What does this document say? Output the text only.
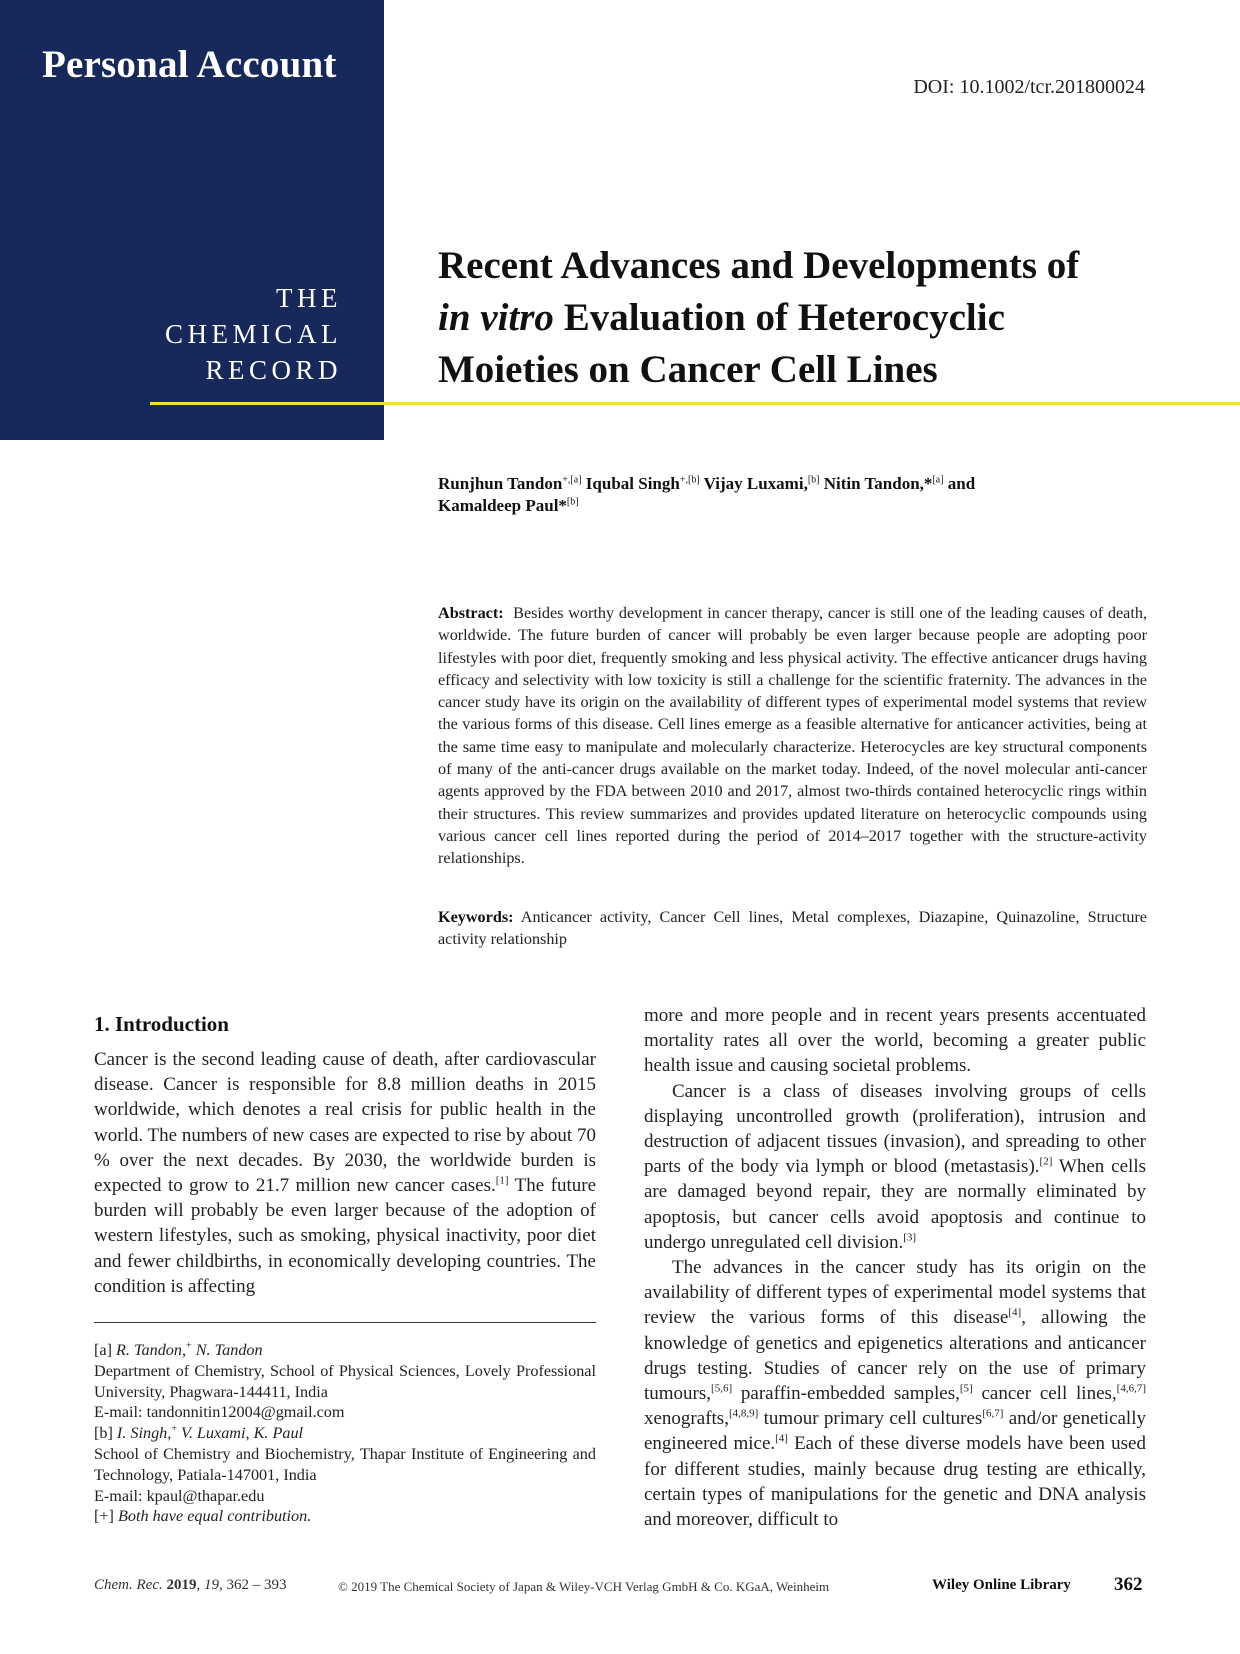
Personal Account
THE
CHEMICAL
RECORD
DOI: 10.1002/tcr.201800024
Recent Advances and Developments of
in vitro Evaluation of Heterocyclic
Moieties on Cancer Cell Lines
Runjhun Tandon$^{+,[a]}$ Iqubal Singh$^{+,[b]}$ Vijay Luxami,[b] Nitin Tandon,*[a] and
Kamaldeep Paul*[b]
Abstract: Besides worthy development in cancer therapy, cancer is still one of the leading causes of death, worldwide. The future burden of cancer will probably be even larger because people are adopting poor lifestyles with poor diet, frequently smoking and less physical activity. The effective anticancer drugs having efficacy and selectivity with low toxicity is still a challenge for the scientific fraternity. The advances in the cancer study have its origin on the availability of different types of experimental model systems that review the various forms of this disease. Cell lines emerge as a feasible alternative for anticancer activities, being at the same time easy to manipulate and molecularly characterize. Heterocycles are key structural components of many of the anti-cancer drugs available on the market today. Indeed, of the novel molecular anti-cancer agents approved by the FDA between 2010 and 2017, almost two-thirds contained heterocyclic rings within their structures. This review summarizes and provides updated literature on heterocyclic compounds using various cancer cell lines reported during the period of 2014–2017 together with the structure-activity relationships.
Keywords: Anticancer activity, Cancer Cell lines, Metal complexes, Diazapine, Quinazoline, Structure activity relationship
1. Introduction

Cancer is the second leading cause of death, after cardiovascular disease. Cancer is responsible for 8.8 million deaths in 2015 worldwide, which denotes a real crisis for public health in the world. The numbers of new cases are expected to rise by about 70 % over the next decades. By 2030, the worldwide burden is expected to grow to 21.7 million new cancer cases.[1] The future burden will probably be even larger because of the adoption of western lifestyles, such as smoking, physical inactivity, poor diet and fewer childbirths, in economically developing countries. The condition is affecting

more and more people and in recent years presents accentuated mortality rates all over the world, becoming a greater public health issue and causing societal problems.

Cancer is a class of diseases involving groups of cells displaying uncontrolled growth (proliferation), intrusion and destruction of adjacent tissues (invasion), and spreading to other parts of the body via lymph or blood (metastasis).[2] When cells are damaged beyond repair, they are normally eliminated by apoptosis, but cancer cells avoid apoptosis and continue to undergo unregulated cell division.[3]

The advances in the cancer study has its origin on the availability of different types of experimental model systems that review the various forms of this disease[4], allowing the knowledge of genetics and epigenetics alterations and anticancer drugs testing. Studies of cancer rely on the use of primary tumours,[5,6] paraffin-embedded samples,[5] cancer cell lines,[4,6,7] xenografts,[4,8,9] tumour primary cell cultures[6,7] and/or genetically engineered mice.[4] Each of these diverse models have been used for different studies, mainly because drug testing are ethically, certain types of manipulations for the genetic and DNA analysis and moreover, difficult to

[a] R. Tandon,+ N. Tandon
Department of Chemistry, School of Physical Sciences, Lovely Professional University, Phagwara-144411, India
E-mail: tandonnitin12004@gmail.com
[b] I. Singh,+ V. Luxami, K. Paul
School of Chemistry and Biochemistry, Thapar Institute of Engineering and Technology, Patiala-147001, India
E-mail: kpaul@thapar.edu
[+] Both have equal contribution.
Chem. Rec. 2019, 19, 362 – 393	© 2019 The Chemical Society of Japan & Wiley-VCH Verlag GmbH & Co. KGaA, Weinheim	Wiley Online Library 362
